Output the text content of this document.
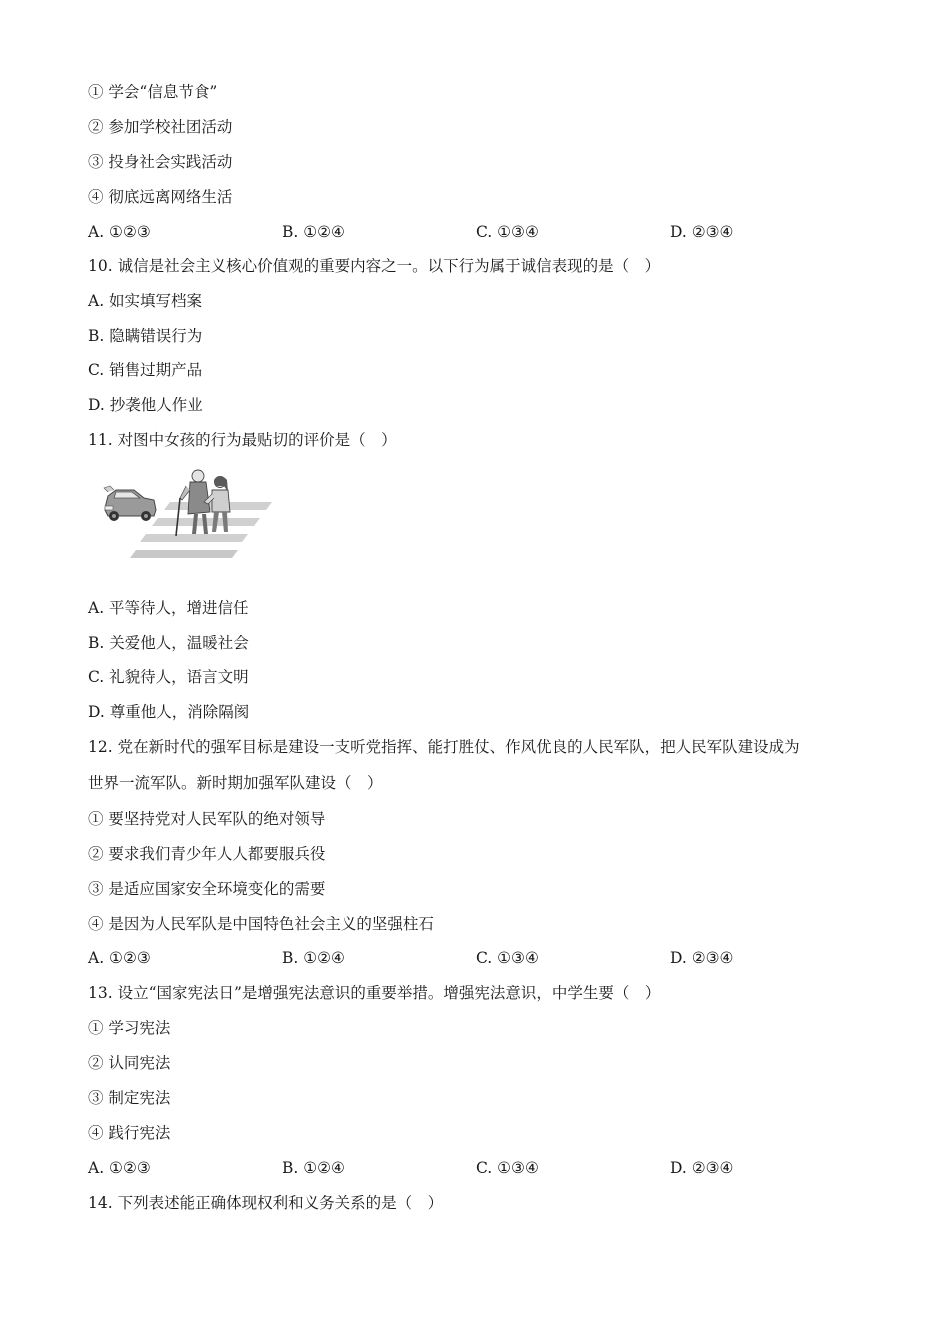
① 学会“信息节食”
② 参加学校社团活动
③ 投身社会实践活动
④ 彻底远离网络生活
A. ①②③	B. ①②④	C. ①③④	D. ②③④
10. 诚信是社会主义核心价值观的重要内容之一。以下行为属于诚信表现的是（　）
A. 如实填写档案
B. 隐瞒错误行为
C. 销售过期产品
D. 抄袭他人作业
11. 对图中女孩的行为最贴切的评价是（　）
A. 平等待人，增进信任
B. 关爱他人，温暖社会
C. 礼貌待人，语言文明
D. 尊重他人，消除隔阂
12. 党在新时代的强军目标是建设一支听党指挥、能打胜仗、作风优良的人民军队，把人民军队建设成为
世界一流军队。新时期加强军队建设（　）
① 要坚持党对人民军队的绝对领导
② 要求我们青少年人人都要服兵役
③ 是适应国家安全环境变化的需要
④ 是因为人民军队是中国特色社会主义的坚强柱石
A. ①②③	B. ①②④	C. ①③④	D. ②③④
13. 设立“国家宪法日”是增强宪法意识的重要举措。增强宪法意识，中学生要（　）
① 学习宪法
② 认同宪法
③ 制定宪法
④ 践行宪法
A. ①②③	B. ①②④	C. ①③④	D. ②③④
14. 下列表述能正确体现权利和义务关系的是（　）
